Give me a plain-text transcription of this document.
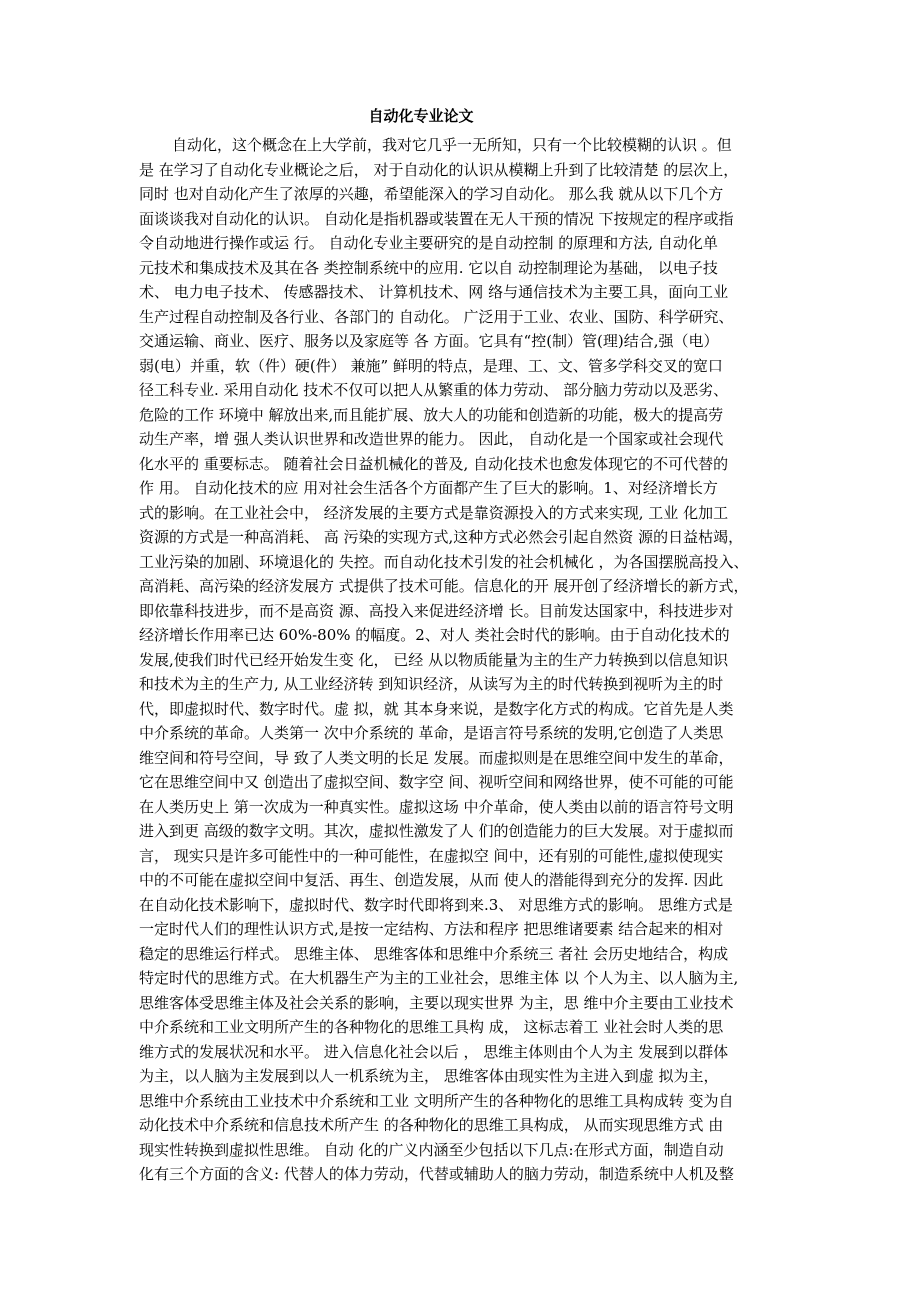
自动化专业论文
自动化，这个概念在上大学前，我对它几乎一无所知，只有一个比较模糊的认识 。但
是 在学习了自动化专业概论之后， 对于自动化的认识从模糊上升到了比较清楚 的层次上，
同时 也对自动化产生了浓厚的兴趣，希望能深入的学习自动化。 那么我 就从以下几个方
面谈谈我对自动化的认识。 自动化是指机器或装置在无人干预的情况 下按规定的程序或指
令自动地进行操作或运 行。 自动化专业主要研究的是自动控制 的原理和方法, 自动化单
元技术和集成技术及其在各 类控制系统中的应用. 它以自 动控制理论为基础， 以电子技
术、 电力电子技术、 传感器技术、 计算机技术、网 络与通信技术为主要工具，面向工业
生产过程自动控制及各行业、各部门的 自动化。 广泛用于工业、农业、国防、科学研究、
交通运输、商业、医疗、服务以及家庭等 各 方面。它具有“控(制）管(理)结合,强（电）
弱(电）并重，软（件）硬(件） 兼施” 鲜明的特点，是理、工、文、管多学科交叉的宽口
径工科专业. 采用自动化 技术不仅可以把人从繁重的体力劳动、 部分脑力劳动以及恶劣、
危险的工作 环境中 解放出来,而且能扩展、放大人的功能和创造新的功能，极大的提高劳
动生产率，增 强人类认识世界和改造世界的能力。 因此， 自动化是一个国家或社会现代
化水平的 重要标志。 随着社会日益机械化的普及, 自动化技术也愈发体现它的不可代替的
作 用。 自动化技术的应 用对社会生活各个方面都产生了巨大的影响。1、对经济增长方
式的影响。在工业社会中， 经济发展的主要方式是靠资源投入的方式来实现, 工业 化加工
资源的方式是一种高消耗、 高 污染的实现方式,这种方式必然会引起自然资 源的日益枯竭，
工业污染的加剧、环境退化的 失控。而自动化技术引发的社会机械化 ，为各国摆脱高投入、
高消耗、高污染的经济发展方 式提供了技术可能。信息化的开 展开创了经济增长的新方式，
即依靠科技进步，而不是高资 源、高投入来促进经济增 长。目前发达国家中，科技进步对
经济增长作用率已达 60%-80% 的幅度。2、对人 类社会时代的影响。由于自动化技术的
发展,使我们时代已经开始发生变 化， 已经 从以物质能量为主的生产力转换到以信息知识
和技术为主的生产力, 从工业经济转 到知识经济，从读写为主的时代转换到视听为主的时
代，即虚拟时代、数字时代。虚 拟，就 其本身来说，是数字化方式的构成。它首先是人类
中介系统的革命。人类第一 次中介系统的 革命，是语言符号系统的发明,它创造了人类思
维空间和符号空间，导 致了人类文明的长足 发展。而虚拟则是在思维空间中发生的革命，
它在思维空间中又 创造出了虚拟空间、数字空 间、视听空间和网络世界，使不可能的可能
在人类历史上 第一次成为一种真实性。虚拟这场 中介革命，使人类由以前的语言符号文明
进入到更 高级的数字文明。其次，虚拟性激发了人 们的创造能力的巨大发展。对于虚拟而
言， 现实只是许多可能性中的一种可能性，在虚拟空 间中，还有别的可能性,虚拟使现实
中的不可能在虚拟空间中复活、再生、创造发展，从而 使人的潜能得到充分的发挥. 因此
在自动化技术影响下，虚拟时代、数字时代即将到来.3、 对思维方式的影响。 思维方式是
一定时代人们的理性认识方式,是按一定结构、方法和程序 把思维诸要素 结合起来的相对
稳定的思维运行样式。 思维主体、 思维客体和思维中介系统三 者社 会历史地结合，构成
特定时代的思维方式。在大机器生产为主的工业社会，思维主体 以 个人为主、以人脑为主,
思维客体受思维主体及社会关系的影响，主要以现实世界 为主，思 维中介主要由工业技术
中介系统和工业文明所产生的各种物化的思维工具构 成， 这标志着工 业社会时人类的思
维方式的发展状况和水平。 进入信息化社会以后 ， 思维主体则由个人为主 发展到以群体
为主，以人脑为主发展到以人一机系统为主， 思维客体由现实性为主进入到虚 拟为主，
思维中介系统由工业技术中介系统和工业 文明所产生的各种物化的思维工具构成转 变为自
动化技术中介系统和信息技术所产生 的各种物化的思维工具构成， 从而实现思维方式 由
现实性转换到虚拟性思维。 自动 化的广义内涵至少包括以下几点:在形式方面，制造自动
化有三个方面的含义: 代替人的体力劳动，代替或辅助人的脑力劳动，制造系统中人机及整
